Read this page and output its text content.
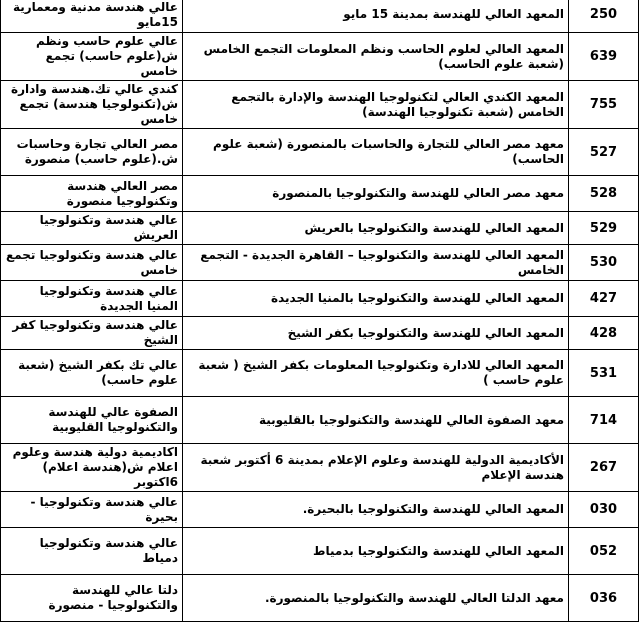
عالي هندسة مدنية ومعمارية 15مايو	المعهد العالي للهندسة بمدينة 15 مايو	250
عالي علوم حاسب ونظم ش(علوم حاسب) تجمع خامس	المعهد العالي لعلوم الحاسب ونظم المعلومات التجمع الخامس (شعبة علوم الحاسب)	639
كندي عالي تك.هندسة وادارة ش(تكنولوجيا هندسة) تجمع خامس	المعهد الكندي العالي لتكنولوجيا الهندسة والإدارة بالتجمع الخامس (شعبة تكنولوجيا الهندسة)	755
مصر العالي تجارة وحاسبات ش.(علوم حاسب) منصورة	معهد مصر العالي للتجارة والحاسبات بالمنصورة (شعبة علوم الحاسب)	527
مصر العالي هندسة وتكنولوجيا منصورة	معهد مصر العالي للهندسة والتكنولوجيا بالمنصورة	528
عالي هندسة وتكنولوجيا العريش	المعهد العالي للهندسة والتكنولوجيا بالعريش	529
عالي هندسة وتكنولوجيا تجمع خامس	المعهد العالي للهندسة والتكنولوجيا – القاهرة الجديدة - التجمع الخامس	530
عالي هندسة وتكنولوجيا المنيا الجديدة	المعهد العالي للهندسة والتكنولوجيا بالمنيا الجديدة	427
عالي هندسة وتكنولوجيا كفر الشيخ	المعهد العالي للهندسة والتكنولوجيا بكفر الشيخ	428
عالي تك بكفر الشيخ (شعبة علوم حاسب)	المعهد العالي للادارة وتكنولوجيا المعلومات بكفر الشيخ ( شعبة علوم حاسب )	531
الصفوة عالي للهندسة والتكنولوجيا القليوبية	معهد الصفوة العالي للهندسة والتكنولوجيا بالقليوبية	714
اكاديمية دولية هندسة وعلوم اعلام ش(هندسة اعلام) 6اكتوبر	الأكاديمية الدولية للهندسة وعلوم الإعلام بمدينة 6 أكتوبر شعبة هندسة الإعلام	267
عالي هندسة وتكنولوجيا - بحيرة	المعهد العالي للهندسة والتكنولوجيا بالبحيرة.	030
عالي هندسة وتكنولوجيا دمياط	المعهد العالي للهندسة والتكنولوجيا بدمياط	052
دلتا عالي للهندسة والتكنولوجيا - منصورة	معهد الدلتا العالي للهندسة والتكنولوجيا بالمنصورة.	036
